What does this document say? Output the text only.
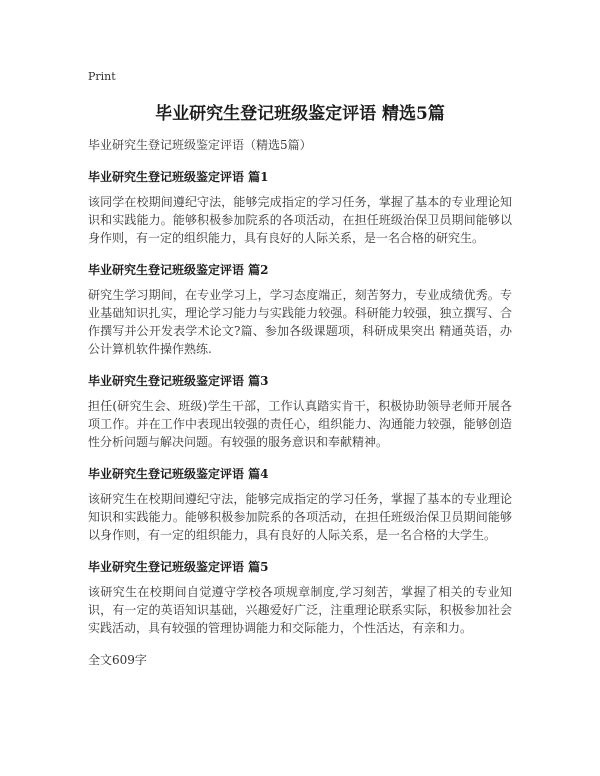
Print
毕业研究生登记班级鉴定评语 精选5篇
毕业研究生登记班级鉴定评语（精选5篇）
毕业研究生登记班级鉴定评语 篇1
该同学在校期间遵纪守法，能够完成指定的学习任务，掌握了基本的专业理论知识和实践能力。能够积极参加院系的各项活动，在担任班级治保卫员期间能够以身作则，有一定的组织能力，具有良好的人际关系，是一名合格的研究生。
毕业研究生登记班级鉴定评语 篇2
研究生学习期间，在专业学习上，学习态度端正，刻苦努力，专业成绩优秀。专业基础知识扎实，理论学习能力与实践能力较强。科研能力较强，独立撰写、合作撰写并公开发表学术论文?篇、参加各级课题项，科研成果突出 精通英语，办公计算机软件操作熟练.
毕业研究生登记班级鉴定评语 篇3
担任(研究生会、班级)学生干部，工作认真踏实肯干，积极协助领导老师开展各项工作。并在工作中表现出较强的责任心，组织能力、沟通能力较强，能够创造性分析问题与解决问题。有较强的服务意识和奉献精神。
毕业研究生登记班级鉴定评语 篇4
该研究生在校期间遵纪守法，能够完成指定的学习任务，掌握了基本的专业理论知识和实践能力。能够积极参加院系的各项活动，在担任班级治保卫员期间能够以身作则，有一定的组织能力，具有良好的人际关系，是一名合格的大学生。
毕业研究生登记班级鉴定评语 篇5
该研究生在校期间自觉遵守学校各项规章制度,学习刻苦，掌握了相关的专业知识，有一定的英语知识基础，兴趣爱好广泛，注重理论联系实际，积极参加社会实践活动，具有较强的管理协调能力和交际能力，个性活达，有亲和力。
全文609字
